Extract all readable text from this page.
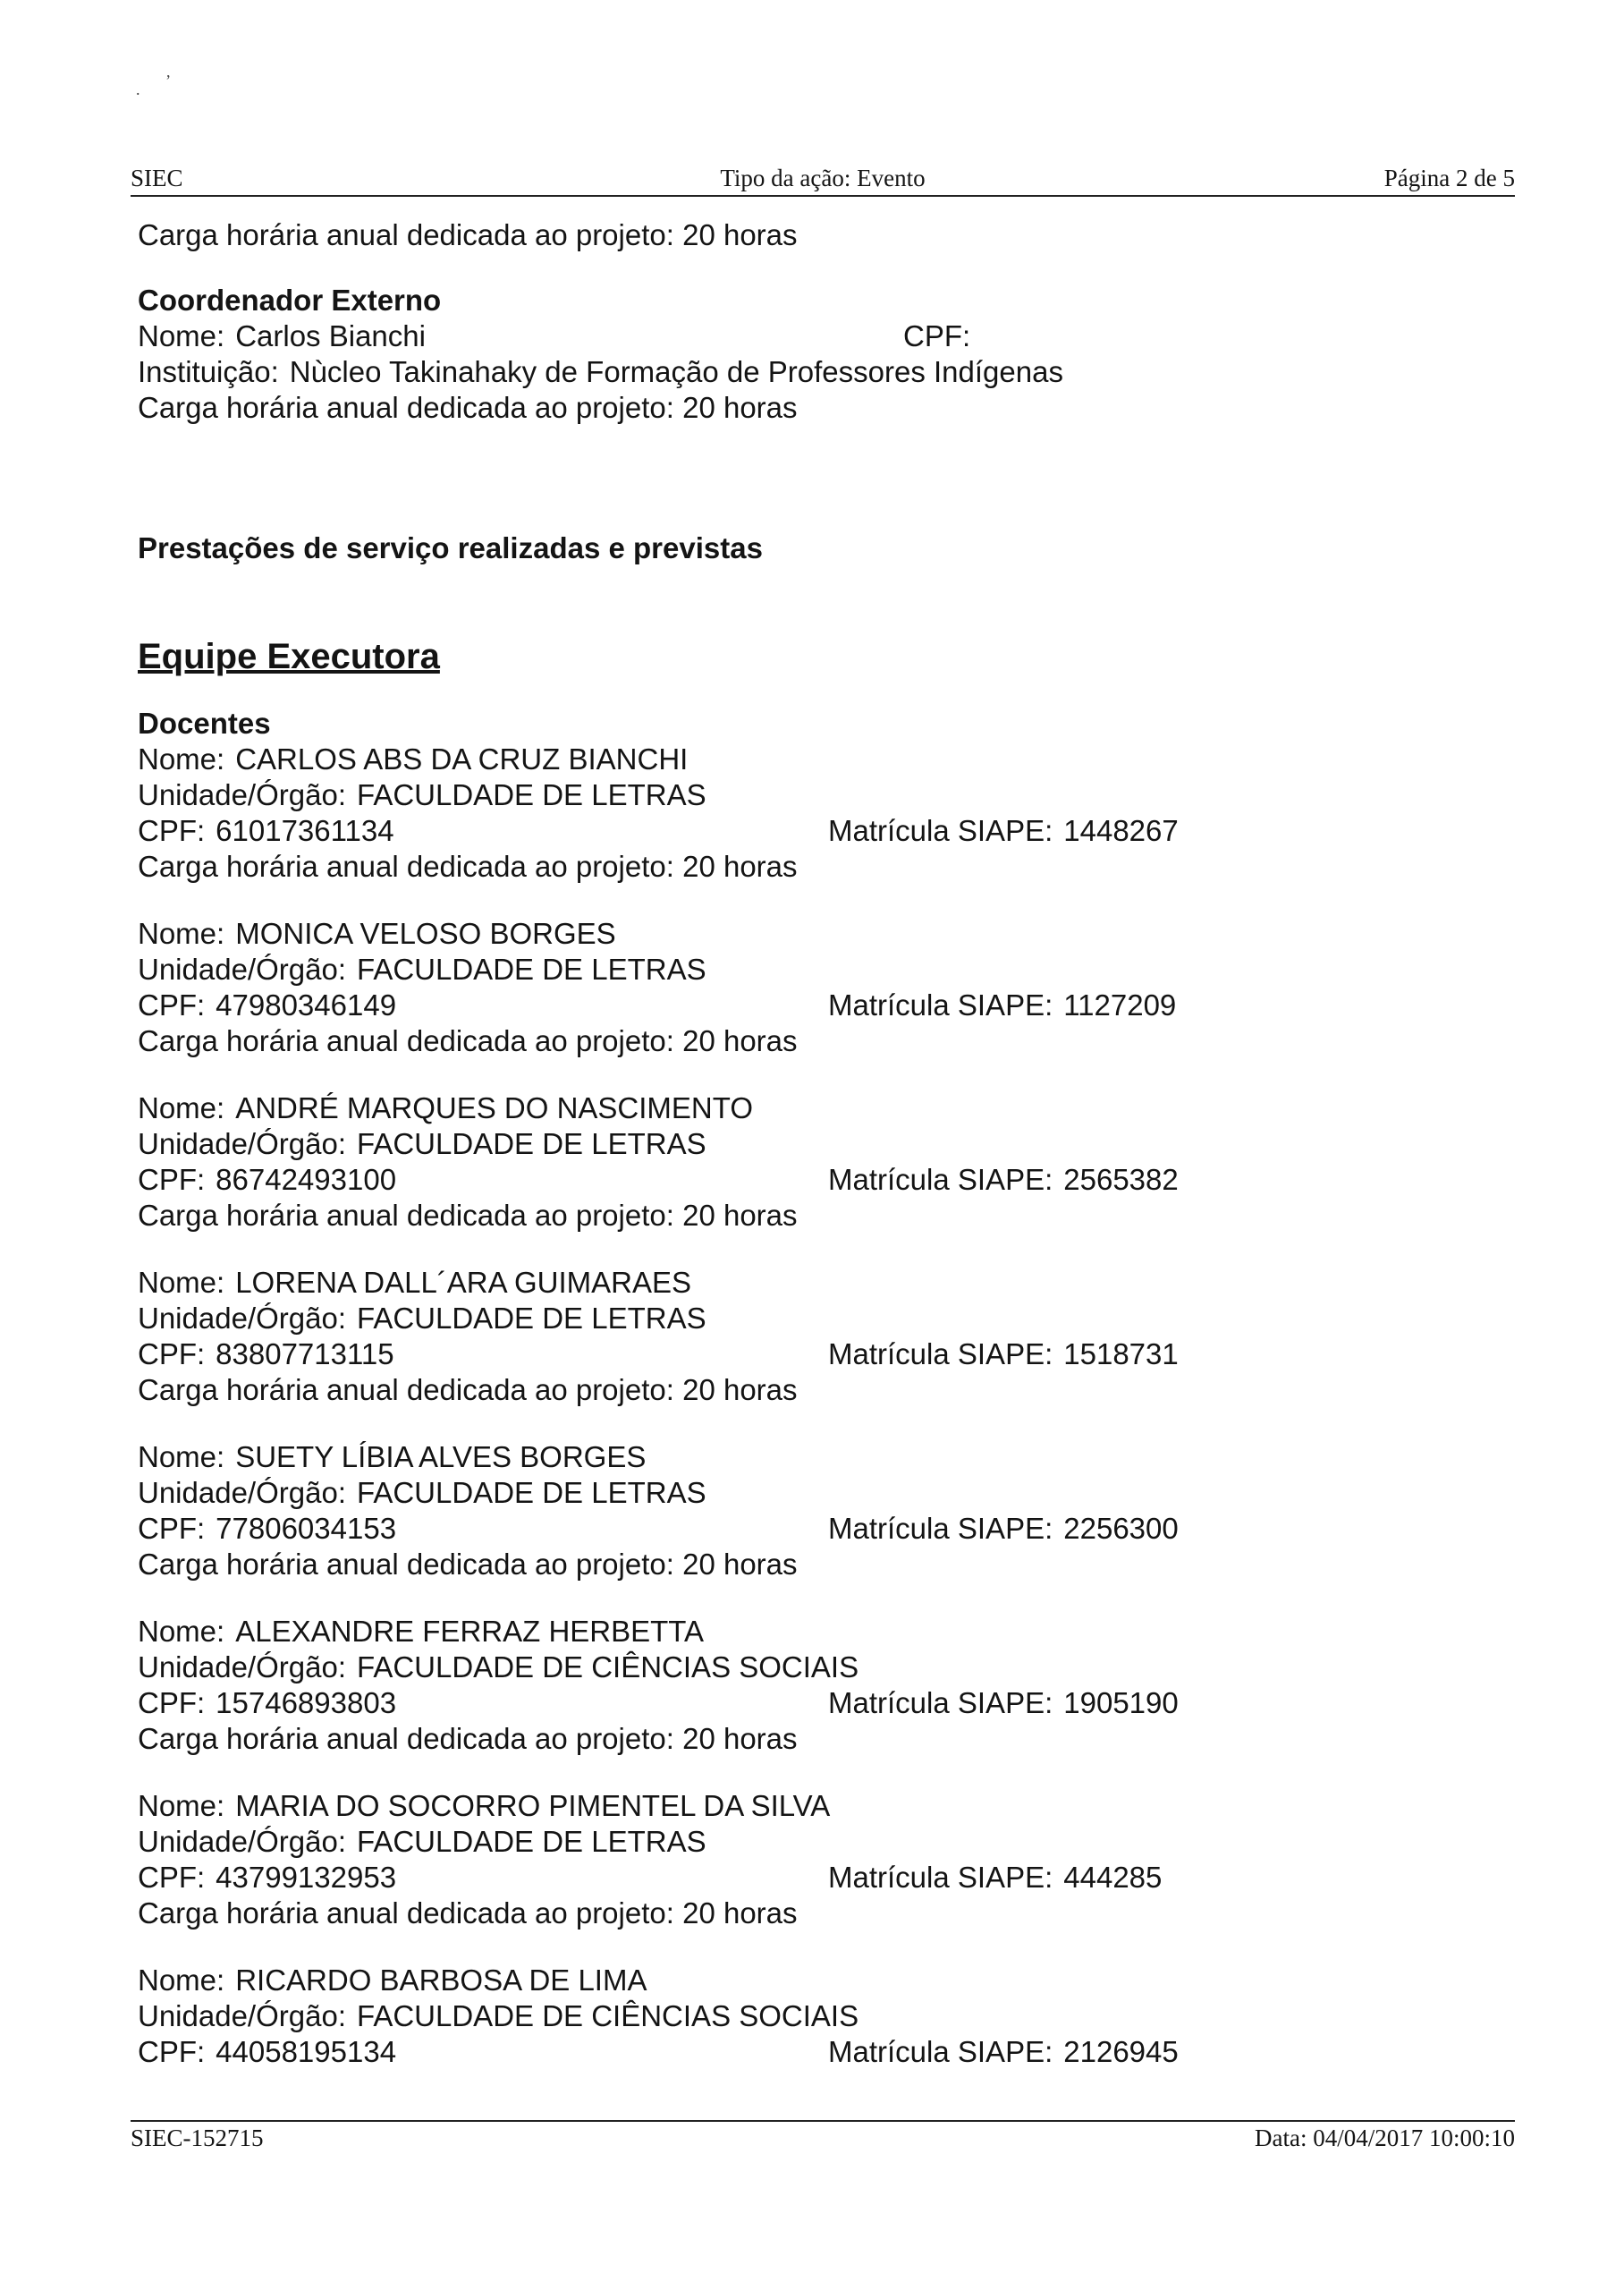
.
,
SIEC	Tipo da ação: Evento	Página 2 de 5
Carga horária anual dedicada ao projeto: 20 horas
Coordenador Externo
Nome: Carlos Bianchi	CPF:
Instituição: Nùcleo Takinahaky de Formação de Professores Indígenas
Carga horária anual dedicada ao projeto: 20 horas
Prestações de serviço realizadas e previstas
Equipe Executora
Docentes
Nome: CARLOS ABS DA CRUZ BIANCHI
Unidade/Órgão: FACULDADE DE LETRAS
CPF: 61017361134	Matrícula SIAPE: 1448267
Carga horária anual dedicada ao projeto: 20 horas
Nome: MONICA VELOSO BORGES
Unidade/Órgão: FACULDADE DE LETRAS
CPF: 47980346149	Matrícula SIAPE: 1127209
Carga horária anual dedicada ao projeto: 20 horas
Nome: ANDRÉ MARQUES DO NASCIMENTO
Unidade/Órgão: FACULDADE DE LETRAS
CPF: 86742493100	Matrícula SIAPE: 2565382
Carga horária anual dedicada ao projeto: 20 horas
Nome: LORENA DALL´ARA GUIMARAES
Unidade/Órgão: FACULDADE DE LETRAS
CPF: 83807713115	Matrícula SIAPE: 1518731
Carga horária anual dedicada ao projeto: 20 horas
Nome: SUETY LÍBIA ALVES BORGES
Unidade/Órgão: FACULDADE DE LETRAS
CPF: 77806034153	Matrícula SIAPE: 2256300
Carga horária anual dedicada ao projeto: 20 horas
Nome: ALEXANDRE FERRAZ HERBETTA
Unidade/Órgão: FACULDADE DE CIÊNCIAS SOCIAIS
CPF: 15746893803	Matrícula SIAPE: 1905190
Carga horária anual dedicada ao projeto: 20 horas
Nome: MARIA DO SOCORRO PIMENTEL DA SILVA
Unidade/Órgão: FACULDADE DE LETRAS
CPF: 43799132953	Matrícula SIAPE: 444285
Carga horária anual dedicada ao projeto: 20 horas
Nome: RICARDO BARBOSA DE LIMA
Unidade/Órgão: FACULDADE DE CIÊNCIAS SOCIAIS
CPF: 44058195134	Matrícula SIAPE: 2126945
SIEC-152715	Data: 04/04/2017 10:00:10
